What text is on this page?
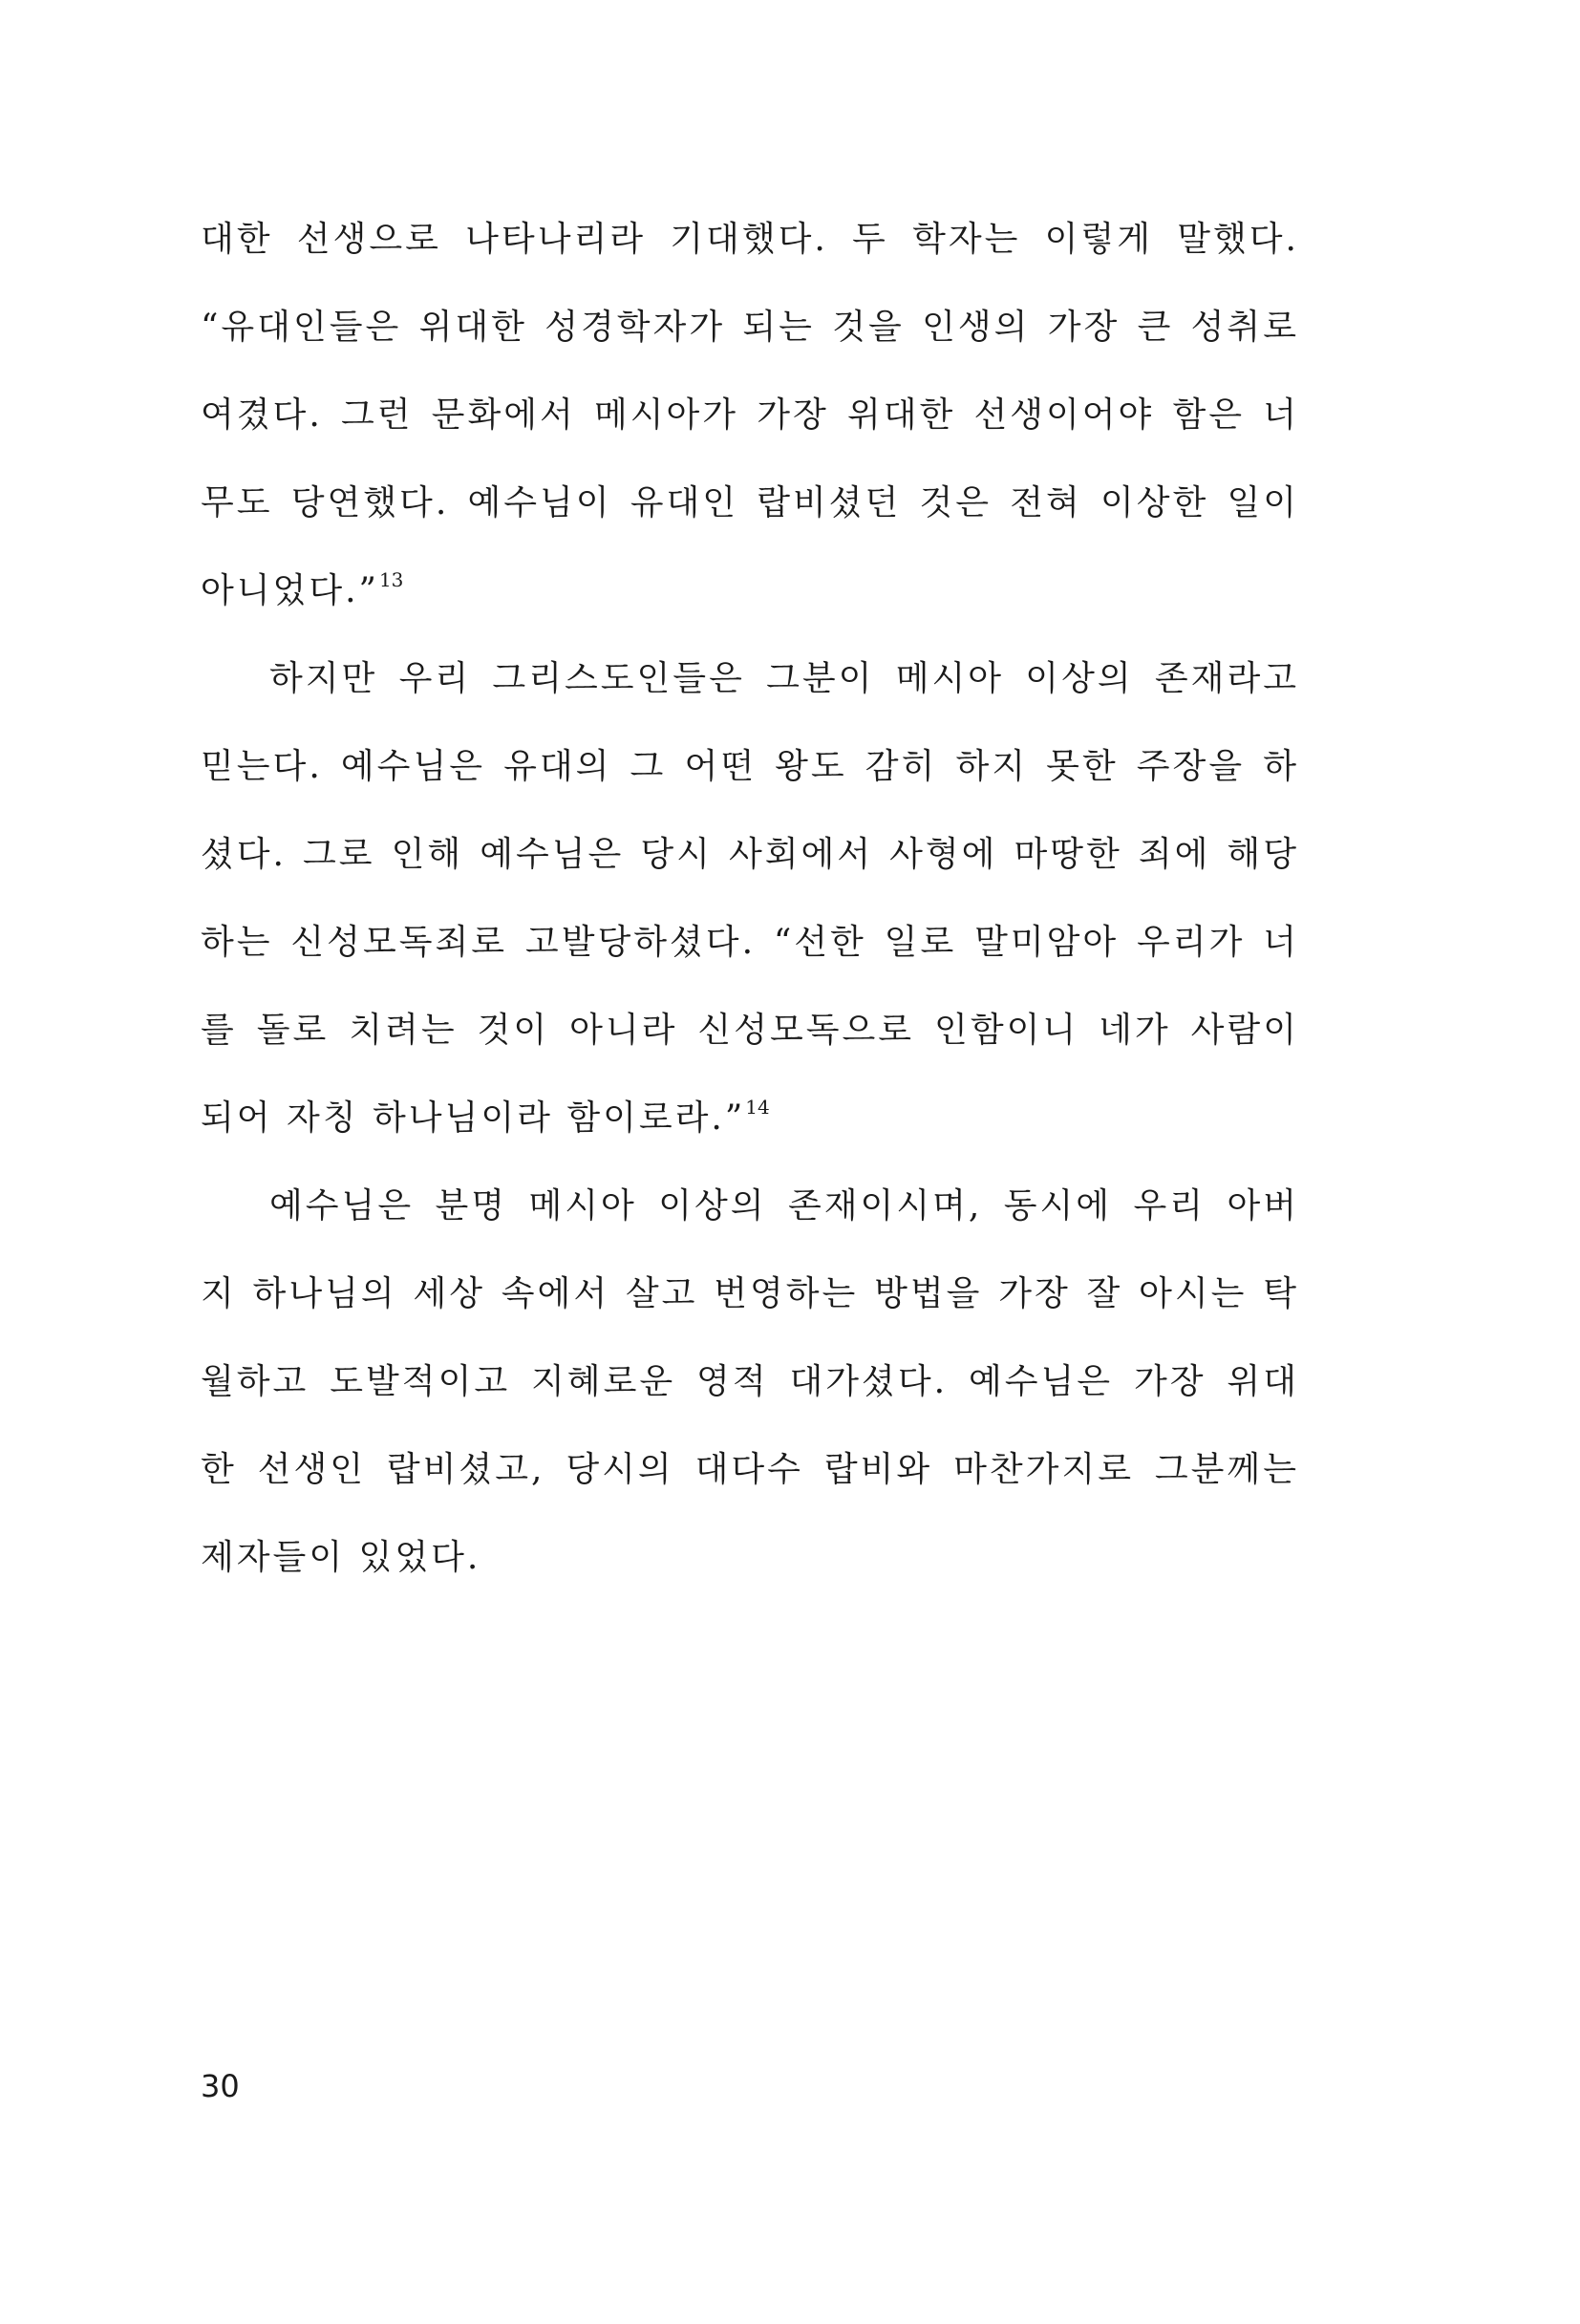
대한 선생으로 나타나리라 기대했다. 두 학자는 이렇게 말했다.
“유대인들은 위대한 성경학자가 되는 것을 인생의 가장 큰 성취로
여겼다. 그런 문화에서 메시아가 가장 위대한 선생이어야 함은 너
무도 당연했다. 예수님이 유대인 랍비셨던 것은 전혀 이상한 일이
아니었다.”$^{13}$
하지만 우리 그리스도인들은 그분이 메시아 이상의 존재라고
믿는다. 예수님은 유대의 그 어떤 왕도 감히 하지 못한 주장을 하
셨다. 그로 인해 예수님은 당시 사회에서 사형에 마땅한 죄에 해당
하는 신성모독죄로 고발당하셨다. “선한 일로 말미암아 우리가 너
를 돌로 치려는 것이 아니라 신성모독으로 인함이니 네가 사람이
되어 자칭 하나님이라 함이로라.”$^{14}$
예수님은 분명 메시아 이상의 존재이시며, 동시에 우리 아버
지 하나님의 세상 속에서 살고 번영하는 방법을 가장 잘 아시는 탁
월하고 도발적이고 지혜로운 영적 대가셨다. 예수님은 가장 위대
한 선생인 랍비셨고, 당시의 대다수 랍비와 마찬가지로 그분께는
제자들이 있었다.
30
